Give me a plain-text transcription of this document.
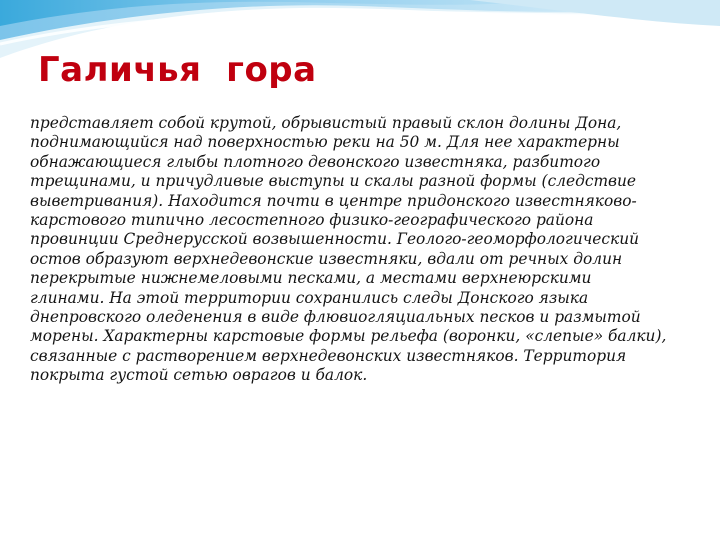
Галичья  гора

представляет собой крутой, обрывистый правый склон долины Дона, поднимающийся над поверхностью реки на 50 м. Для нее характерны обнажающиеся глыбы плотного девонского известняка, разбитого трещинами, и причудливые выступы и скалы разной формы (следствие выветривания). Находится почти в центре придонского известняково-карстового типично лесостепного физико-географического района провинции Среднерусской возвышенности. Геолого-геоморфологический остов образуют верхнедевонские известняки, вдали от речных долин перекрытые нижнемеловыми песками, а местами верхнеюрскими глинами. На этой территории сохранились следы Донского языка днепровского оледенения в виде флювиогляциальных песков и размытой морены. Характерны карстовые формы рельефа (воронки, «слепые» балки), связанные с растворением верхнедевонских известняков. Территория покрыта густой сетью оврагов и балок.
